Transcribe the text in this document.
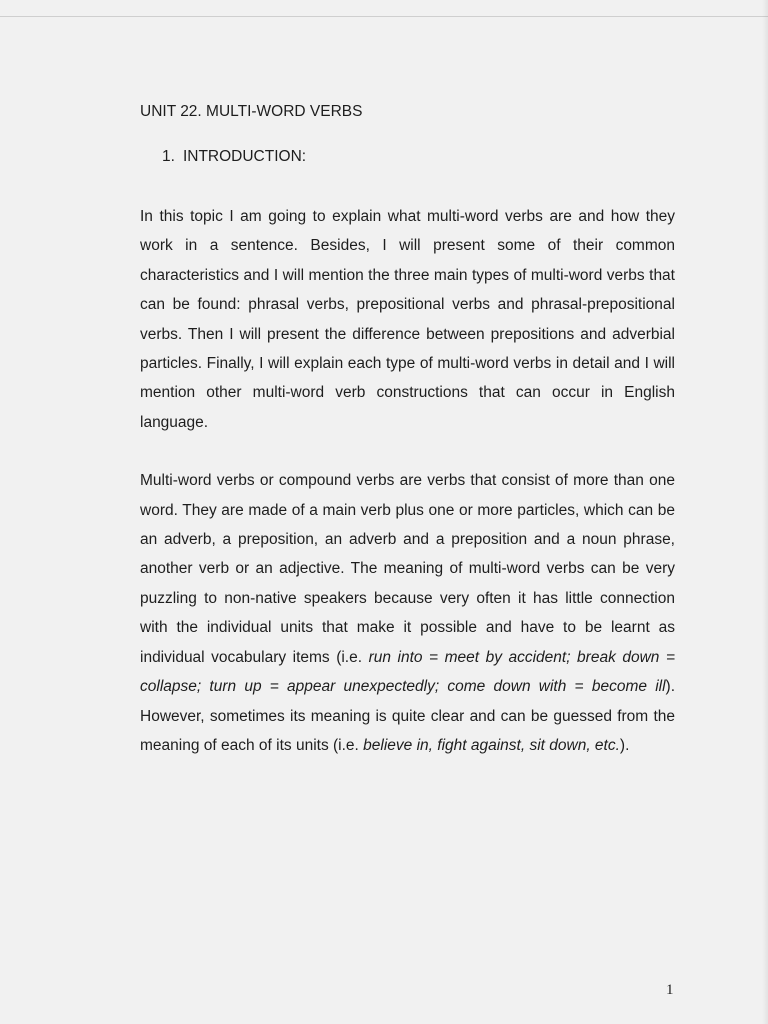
UNIT 22. MULTI-WORD VERBS

1. INTRODUCTION:

In this topic I am going to explain what multi-word verbs are and how they work in a sentence. Besides, I will present some of their common characteristics and I will mention the three main types of multi-word verbs that can be found: phrasal verbs, prepositional verbs and phrasal-prepositional verbs. Then I will present the difference between prepositions and adverbial particles. Finally, I will explain each type of multi-word verbs in detail and I will mention other multi-word verb constructions that can occur in English language.

Multi-word verbs or compound verbs are verbs that consist of more than one word. They are made of a main verb plus one or more particles, which can be an adverb, a preposition, an adverb and a preposition and a noun phrase, another verb or an adjective. The meaning of multi-word verbs can be very puzzling to non-native speakers because very often it has little connection with the individual units that make it possible and have to be learnt as individual vocabulary items (i.e. run into = meet by accident; break down = collapse; turn up = appear unexpectedly; come down with = become ill). However, sometimes its meaning is quite clear and can be guessed from the meaning of each of its units (i.e. believe in, fight against, sit down, etc.).

1
